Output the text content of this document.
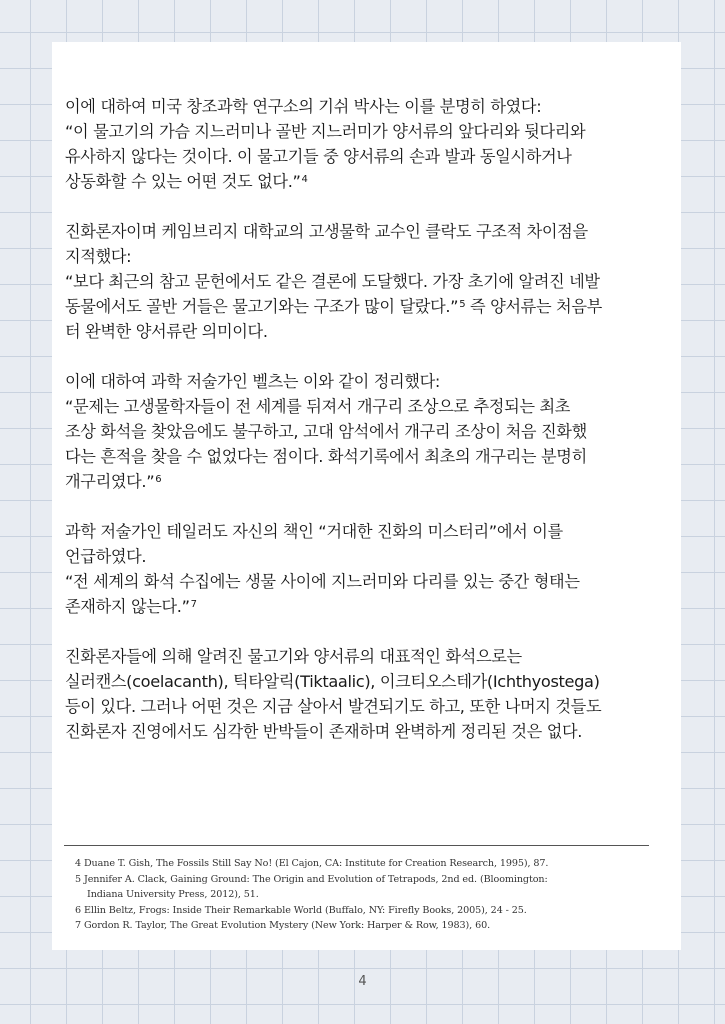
이에 대하여 미국 창조과학 연구소의 기쉬 박사는 이를 분명히 하였다:
“이 물고기의 가슴 지느러미나 골반 지느러미가 양서류의 앞다리와 뒷다리와
유사하지 않다는 것이다. 이 물고기들 중 양서류의 손과 발과 동일시하거나
상동화할 수 있는 어떤 것도 없다.”$^4$

진화론자이며 케임브리지 대학교의 고생물학 교수인 클락도 구조적 차이점을
지적했다:
“보다 최근의 참고 문헌에서도 같은 결론에 도달했다. 가장 초기에 알려진 네발
동물에서도 골반 거들은 물고기와는 구조가 많이 달랐다.”$^5$ 즉 양서류는 처음부
터 완벽한 양서류란 의미이다.

이에 대하여 과학 저술가인 벨츠는 이와 같이 정리했다:
“문제는 고생물학자들이 전 세계를 뒤져서 개구리 조상으로 추정되는 최초
조상 화석을 찾았음에도 불구하고, 고대 암석에서 개구리 조상이 처음 진화했
다는 흔적을 찾을 수 없었다는 점이다. 화석기록에서 최초의 개구리는 분명히
개구리였다.”$^6$

과학 저술가인 테일러도 자신의 책인 “거대한 진화의 미스터리”에서 이를
언급하였다.
“전 세계의 화석 수집에는 생물 사이에 지느러미와 다리를 있는 중간 형태는
존재하지 않는다.”$^7$

진화론자들에 의해 알려진 물고기와 양서류의 대표적인 화석으로는
실러캔스(coelacanth), 틱타알릭(Tiktaalic), 이크티오스테가(Ichthyostega)
등이 있다. 그러나 어떤 것은 지금 살아서 발견되기도 하고, 또한 나머지 것들도
진화론자 진영에서도 심각한 반박들이 존재하며 완벽하게 정리된 것은 없다.

4 Duane T. Gish, The Fossils Still Say No! (El Cajon, CA: Institute for Creation Research, 1995), 87.
5 Jennifer A. Clack, Gaining Ground: The Origin and Evolution of Tetrapods, 2nd ed. (Bloomington:
Indiana University Press, 2012), 51.
6 Ellin Beltz, Frogs: Inside Their Remarkable World (Buffalo, NY: Firefly Books, 2005), 24 - 25.
7 Gordon R. Taylor, The Great Evolution Mystery (New York: Harper & Row, 1983), 60.
4
